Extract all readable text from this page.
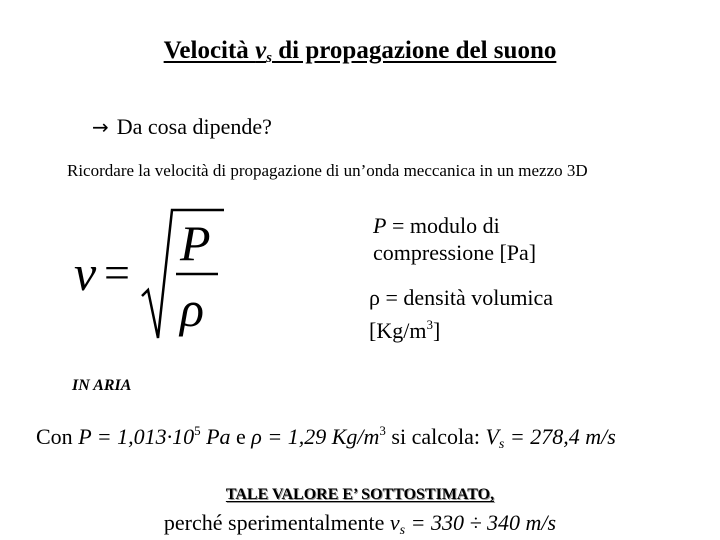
Velocità $v_s$ di propagazione del suono
→ Da cosa dipende?
Ricordare la velocità di propagazione di un’onda meccanica in un mezzo 3D
v =
P
ρ
P = modulo di compressione [Pa]
ρ = densità volumica $[Kg/m^3]$
IN ARIA
Con $P = 1,013\cdot 10^5$ Pa e ρ = 1,29 $Kg/m^3$ si calcola: $V_s = 278,4$ m/s
TALE VALORE E’ SOTTOSTIMATO,
perché sperimentalmente $v_s = 330 \div 340$ m/s
